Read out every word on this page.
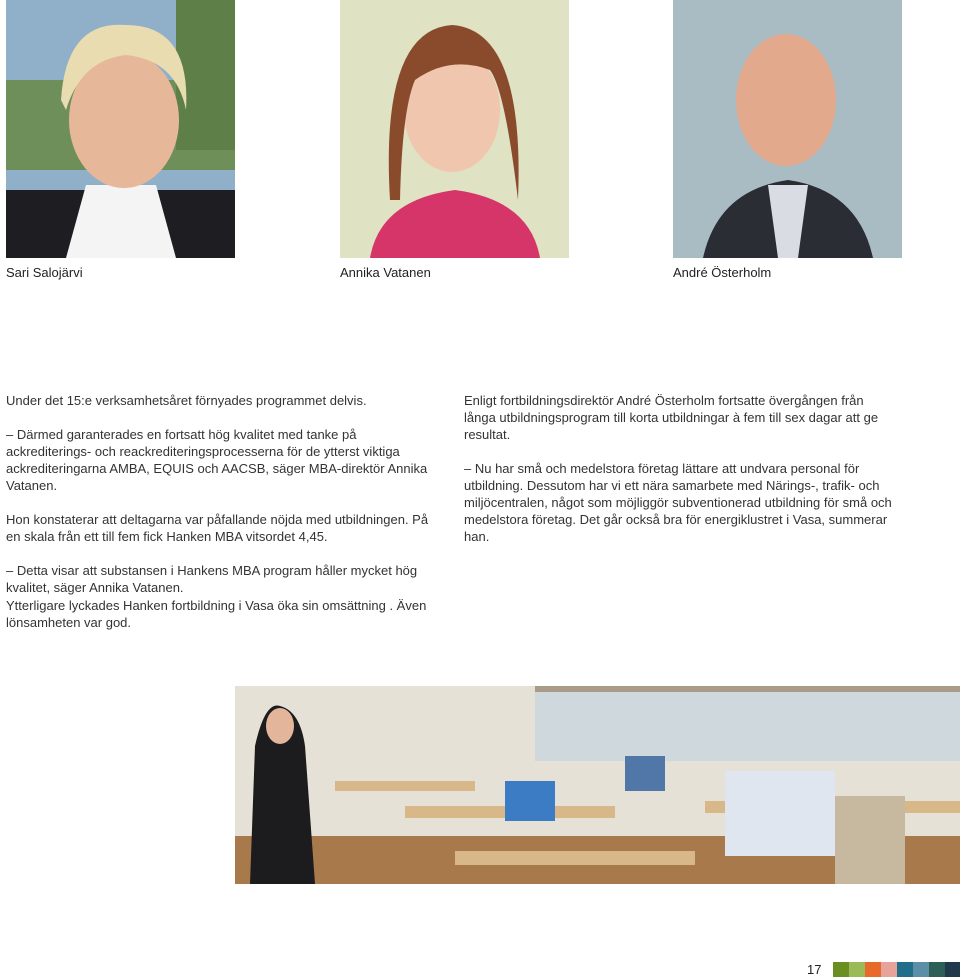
Sari Salojärvi	Annika Vatanen	André Österholm

Under det 15:e verksamhetsåret förnyades programmet delvis.

– Därmed garanterades en fortsatt hög kvalitet med tanke på ackrediterings- och reackrediteringsprocesserna för de ytterst viktiga ackrediteringarna AMBA, EQUIS och AACSB, säger MBA-direktör Annika Vatanen.

Hon konstaterar att deltagarna var påfallande nöjda med utbildningen. På en skala från ett till fem fick Hanken MBA vitsordet 4,45.

– Detta visar att substansen i Hankens MBA program håller mycket hög kvalitet, säger Annika Vatanen.

Enligt fortbildningsdirektör André Österholm fortsatte övergången från långa utbildningsprogram till korta utbildningar à fem till sex dagar att ge resultat.

– Nu har små och medelstora företag lättare att undvara personal för utbildning. Dessutom har vi ett nära samarbete med Närings-, trafik- och miljöcentralen, något som möjliggör subventionerad utbildning för små och medelstora företag. Det går också bra för energiklustret i Vasa, summerar han.

Ytterligare lyckades Hanken fortbildning i Vasa öka sin omsättning . Även lönsamheten var god.
17
